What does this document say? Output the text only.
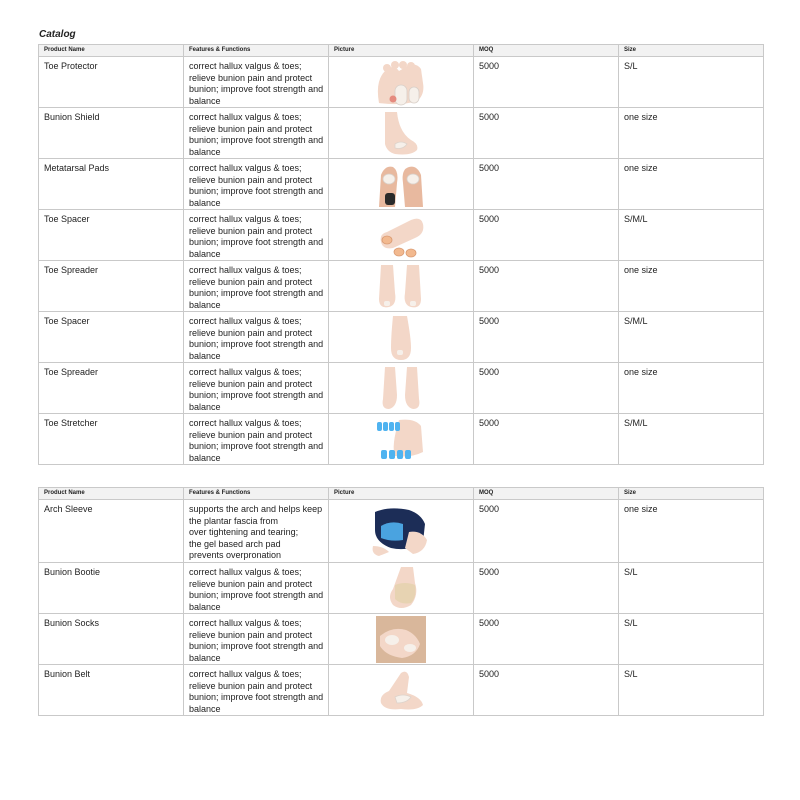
Catalog
Product Name	Features & Functions	Picture	MOQ	Size
Toe Protector	correct hallux valgus & toes; relieve bunion pain and protect bunion; improve foot strength and balance		5000	S/L
Bunion Shield	correct hallux valgus & toes; relieve bunion pain and protect bunion; improve foot strength and balance		5000	one size
Metatarsal Pads	correct hallux valgus & toes; relieve bunion pain and protect bunion; improve foot strength and balance		5000	one size
Toe Spacer	correct hallux valgus & toes; relieve bunion pain and protect bunion; improve foot strength and balance		5000	S/M/L
Toe Spreader	correct hallux valgus & toes; relieve bunion pain and protect bunion; improve foot strength and balance		5000	one size
Toe Spacer	correct hallux valgus & toes; relieve bunion pain and protect bunion; improve foot strength and balance		5000	S/M/L
Toe Spreader	correct hallux valgus & toes; relieve bunion pain and protect bunion; improve foot strength and balance		5000	one size
Toe Stretcher	correct hallux valgus & toes; relieve bunion pain and protect bunion; improve foot strength and balance		5000	S/M/L
Product Name	Features & Functions	Picture	MOQ	Size
Arch Sleeve	supports the arch and helps keep the plantar fascia from
over tightening and tearing;
the gel based arch pad
prevents overpronation		5000	one size
Bunion Bootie	correct hallux valgus & toes; relieve bunion pain and protect bunion; improve foot strength and balance		5000	S/L
Bunion Socks	correct hallux valgus & toes; relieve bunion pain and protect bunion; improve foot strength and balance		5000	S/L
Bunion Belt	correct hallux valgus & toes; relieve bunion pain and protect bunion; improve foot strength and balance		5000	S/L
